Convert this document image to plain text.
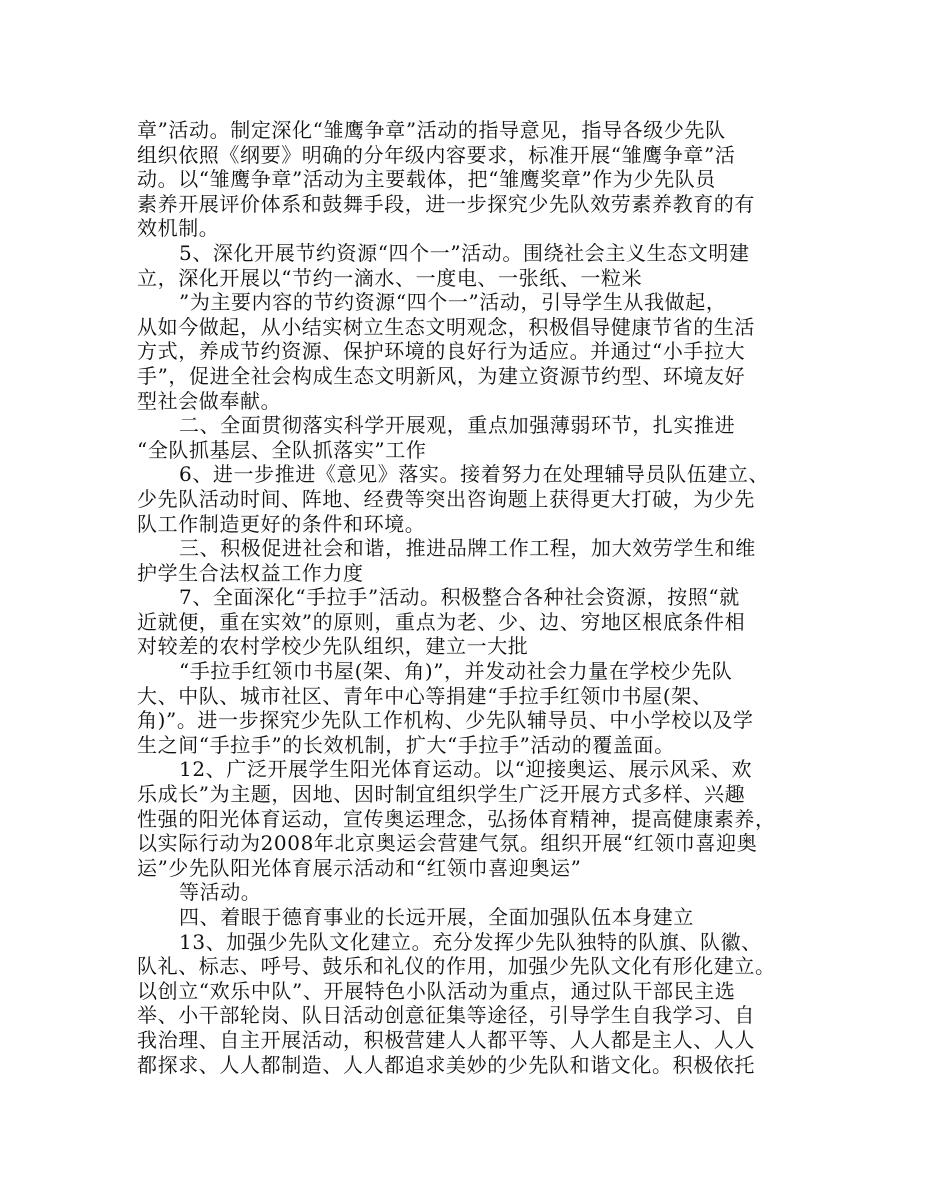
章”活动。制定深化“雏鹰争章”活动的指导意见，指导各级少先队
组织依照《纲要》明确的分年级内容要求，标准开展“雏鹰争章”活
动。以“雏鹰争章”活动为主要载体，把“雏鹰奖章”作为少先队员
素养开展评价体系和鼓舞手段，进一步探究少先队效劳素养教育的有
效机制。
5、深化开展节约资源“四个一”活动。围绕社会主义生态文明建
立，深化开展以“节约一滴水、一度电、一张纸、一粒米
”为主要内容的节约资源“四个一”活动，引导学生从我做起，
从如今做起，从小结实树立生态文明观念，积极倡导健康节省的生活
方式，养成节约资源、保护环境的良好行为适应。并通过“小手拉大
手”，促进全社会构成生态文明新风，为建立资源节约型、环境友好
型社会做奉献。
二、全面贯彻落实科学开展观，重点加强薄弱环节，扎实推进
“全队抓基层、全队抓落实”工作
6、进一步推进《意见》落实。接着努力在处理辅导员队伍建立、
少先队活动时间、阵地、经费等突出咨询题上获得更大打破，为少先
队工作制造更好的条件和环境。
三、积极促进社会和谐，推进品牌工作工程，加大效劳学生和维
护学生合法权益工作力度
7、全面深化“手拉手”活动。积极整合各种社会资源，按照“就
近就便，重在实效”的原则，重点为老、少、边、穷地区根底条件相
对较差的农村学校少先队组织，建立一大批
“手拉手红领巾书屋(架、角)”，并发动社会力量在学校少先队
大、中队、城市社区、青年中心等捐建“手拉手红领巾书屋(架、
角)”。进一步探究少先队工作机构、少先队辅导员、中小学校以及学
生之间“手拉手”的长效机制，扩大“手拉手”活动的覆盖面。
12、广泛开展学生阳光体育运动。以“迎接奥运、展示风采、欢
乐成长”为主题，因地、因时制宜组织学生广泛开展方式多样、兴趣
性强的阳光体育运动，宣传奥运理念，弘扬体育精神，提高健康素养，
以实际行动为2008年北京奥运会营建气氛。组织开展“红领巾喜迎奥
运”少先队阳光体育展示活动和“红领巾喜迎奥运”
等活动。
四、着眼于德育事业的长远开展，全面加强队伍本身建立
13、加强少先队文化建立。充分发挥少先队独特的队旗、队徽、
队礼、标志、呼号、鼓乐和礼仪的作用，加强少先队文化有形化建立。
以创立“欢乐中队”、开展特色小队活动为重点，通过队干部民主选
举、小干部轮岗、队日活动创意征集等途径，引导学生自我学习、自
我治理、自主开展活动，积极营建人人都平等、人人都是主人、人人
都探求、人人都制造、人人都追求美妙的少先队和谐文化。积极依托
